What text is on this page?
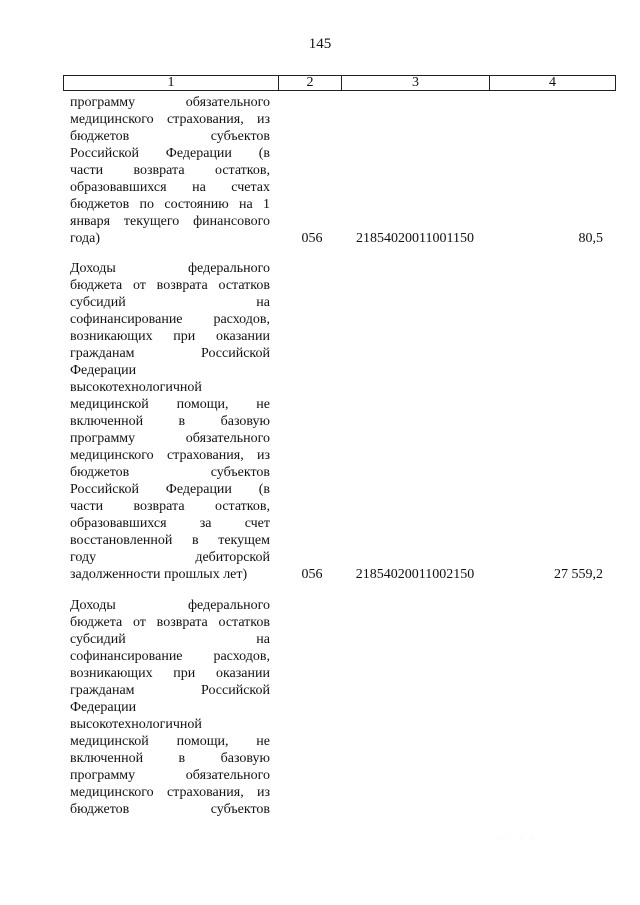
145
1	2	3	4
программу обязательного
медицинского страхования, из
бюджетов субъектов
Российской Федерации (в
части возврата остатков,
образовавшихся на счетах
бюджетов по состоянию на 1
января текущего финансового
года)	056	21854020011001150	80,5
Доходы федерального
бюджета от возврата остатков
субсидий на
софинансирование расходов,
возникающих при оказании
гражданам Российской
Федерации
высокотехнологичной
медицинской помощи, не
включенной в базовую
программу обязательного
медицинского страхования, из
бюджетов субъектов
Российской Федерации (в
части возврата остатков,
образовавшихся за счет
восстановленной в текущем
году дебиторской
задолженности прошлых лет)	056	21854020011002150	27 559,2
Доходы федерального
бюджета от возврата остатков
субсидий на
софинансирование расходов,
возникающих при оказании
гражданам Российской
Федерации
высокотехнологичной
медицинской помощи, не
включенной в базовую
программу обязательного
медицинского страхования, из
бюджетов субъектов
· · · ·
